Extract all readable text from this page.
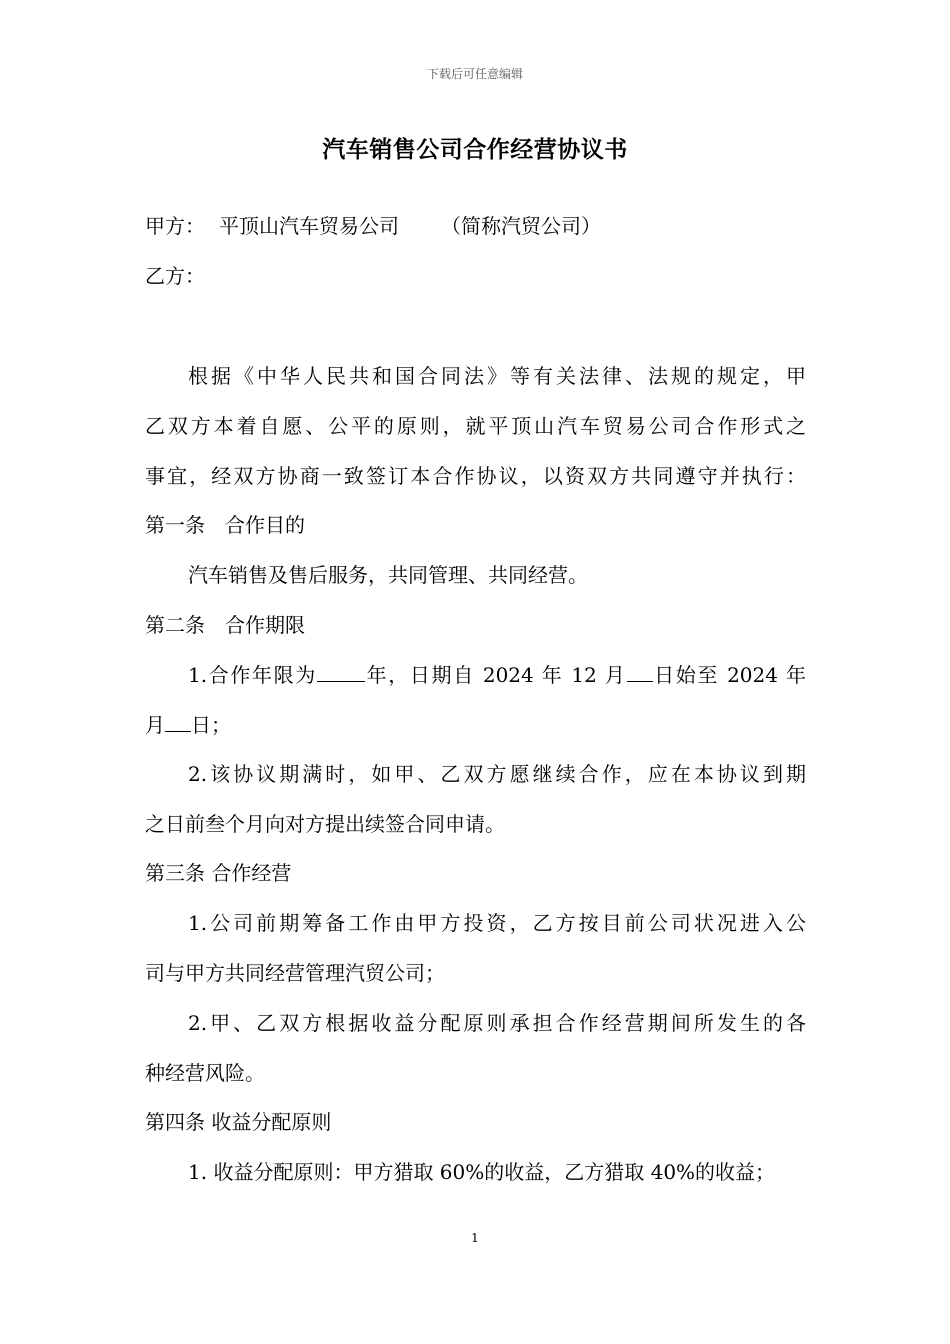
下载后可任意编辑
汽车销售公司合作经营协议书
甲方： 平顶山汽车贸易公司 （简称汽贸公司）
乙方：
根据《中华人民共和国合同法》等有关法律、法规的规定，甲
乙双方本着自愿、公平的原则，就平顶山汽车贸易公司合作形式之
事宜，经双方协商一致签订本合作协议，以资双方共同遵守并执行：
第一条　合作目的
汽车销售及售后服务，共同管理、共同经营。
第二条　合作期限
1.合作年限为 年，日期自 2024 年 12 月 日始至 2024 年
月 日；
2.该协议期满时，如甲、乙双方愿继续合作，应在本协议到期
之日前叁个月向对方提出续签合同申请。
第三条 合作经营
1.公司前期筹备工作由甲方投资，乙方按目前公司状况进入公
司与甲方共同经营管理汽贸公司；
2.甲、乙双方根据收益分配原则承担合作经营期间所发生的各
种经营风险。
第四条 收益分配原则
1. 收益分配原则：甲方猎取 60%的收益，乙方猎取 40%的收益；
1
